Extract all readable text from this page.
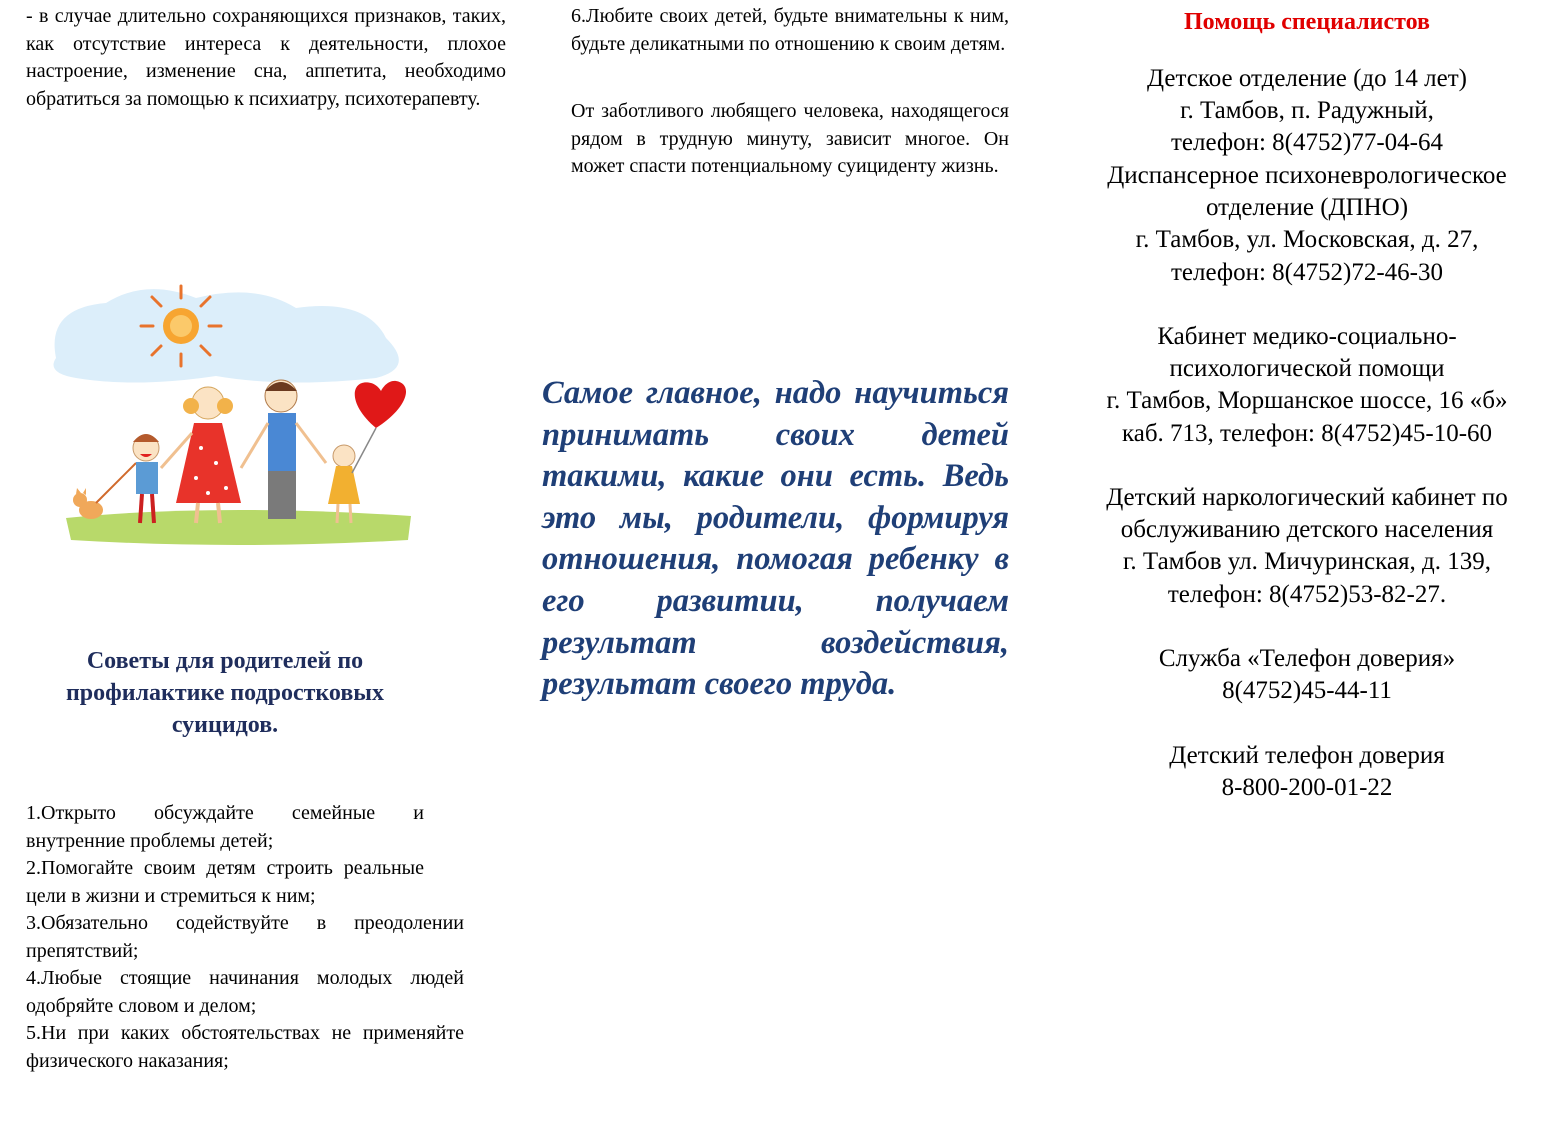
- в случае длительно сохраняющихся признаков, таких, как отсутствие интереса к деятельности, плохое настроение, изменение сна, аппетита, необходимо обратиться за помощью к психиатру, психотерапевту.

Советы для родителей по профилактике подростковых суицидов.

1.Открыто обсуждайте семейные и внутренние проблемы детей;

2.Помогайте своим детям строить реальные цели в жизни и стремиться к ним;

3.Обязательно содействуйте в преодолении препятствий;

4.Любые стоящие начинания молодых людей одобряйте словом и делом;

5.Ни при каких обстоятельствах не применяйте физического наказания;

6.Любите своих детей, будьте внимательны к ним, будьте деликатными по отношению к своим детям.

От заботливого любящего человека, находящегося рядом в трудную минуту, зависит многое. Он может спасти потенциальному суициденту жизнь.

Самое главное, надо научиться принимать своих детей такими, какие они есть. Ведь это мы, родители, формируя отношения, помогая ребенку в его развитии, получаем результат воздействия, результат своего труда.

Помощь специалистов

Детское отделение (до 14 лет)
г. Тамбов, п. Радужный,
телефон: 8(4752)77-04-64

Диспансерное психоневрологическое
отделение (ДПНО)
г. Тамбов, ул. Московская, д. 27,
телефон: 8(4752)72-46-30

Кабинет медико-социально-
психологической помощи
г. Тамбов, Моршанское шоссе, 16 «б»
каб. 713, телефон: 8(4752)45-10-60

Детский наркологический кабинет по
обслуживанию детского населения
г. Тамбов ул. Мичуринская, д. 139,
телефон: 8(4752)53-82-27.

Служба «Телефон доверия»
8(4752)45-44-11

Детский телефон доверия
8-800-200-01-22
